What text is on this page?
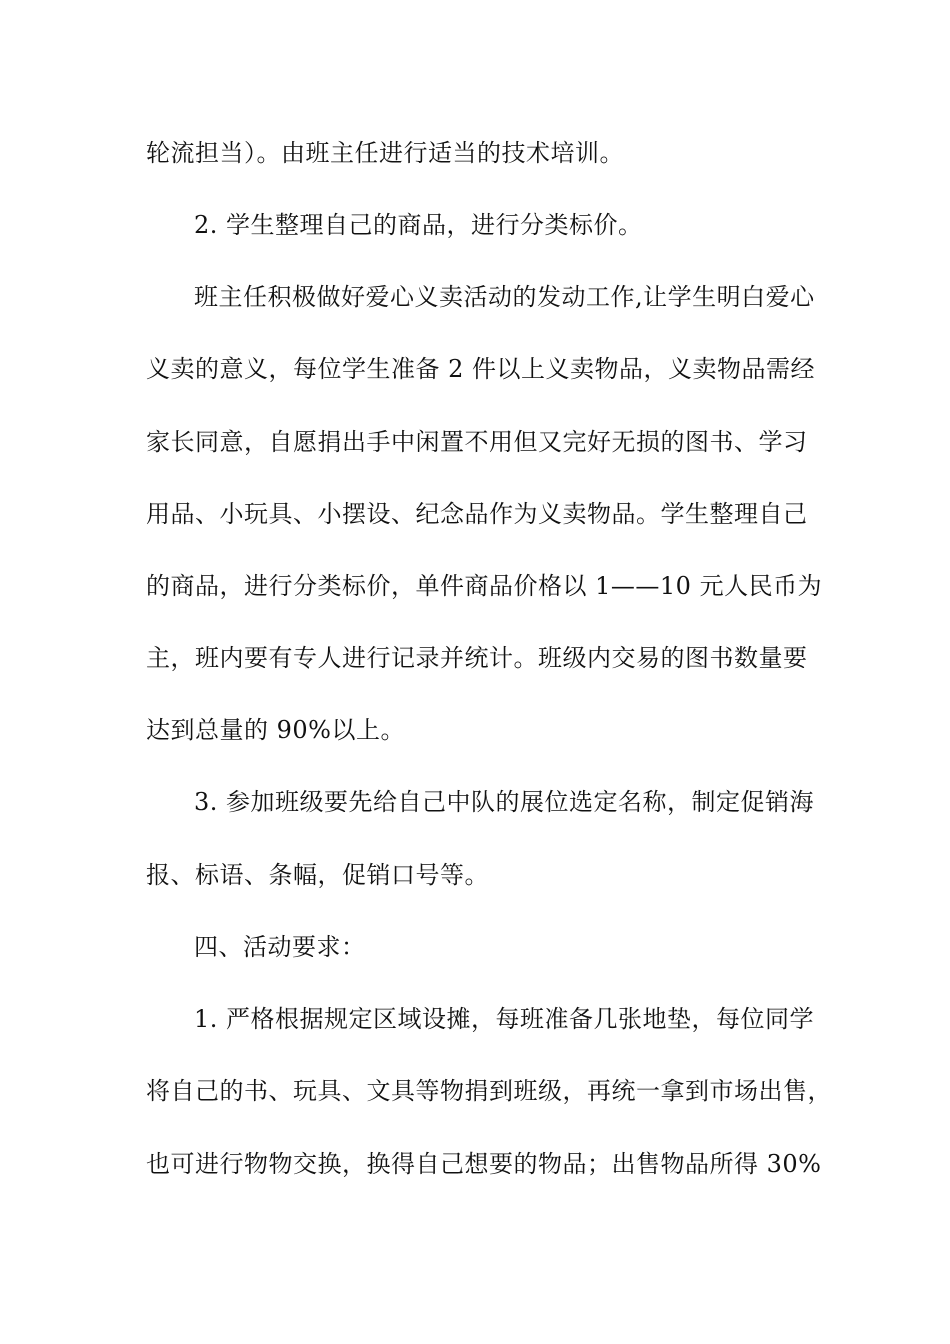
轮流担当）。由班主任进行适当的技术培训。
2. 学生整理自己的商品，进行分类标价。
班主任积极做好爱心义卖活动的发动工作,让学生明白爱心
义卖的意义，每位学生准备 2 件以上义卖物品，义卖物品需经
家长同意，自愿捐出手中闲置不用但又完好无损的图书、学习
用品、小玩具、小摆设、纪念品作为义卖物品。学生整理自己
的商品，进行分类标价，单件商品价格以 1——10 元人民币为
主，班内要有专人进行记录并统计。班级内交易的图书数量要
达到总量的 90%以上。
3. 参加班级要先给自己中队的展位选定名称，制定促销海
报、标语、条幅，促销口号等。
四、活动要求：
1. 严格根据规定区域设摊，每班准备几张地垫，每位同学
将自己的书、玩具、文具等物捐到班级，再统一拿到市场出售，
也可进行物物交换，换得自己想要的物品；出售物品所得 30%
